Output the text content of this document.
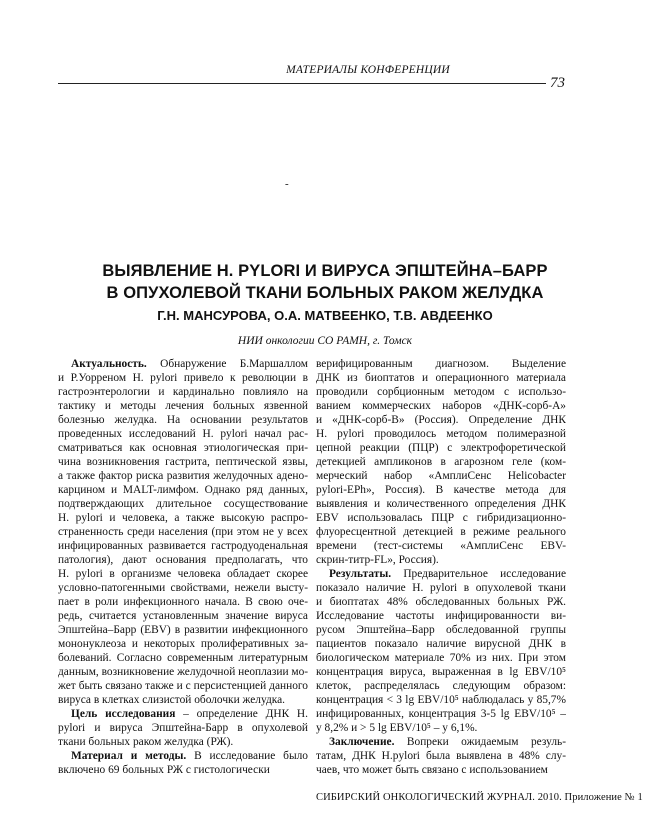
МАТЕРИАЛЫ КОНФЕРЕНЦИИ
73
-
ВЫЯВЛЕНИЕ H. PYLORI И ВИРУСА ЭПШТЕЙНА–БАРР
В ОПУХОЛЕВОЙ ТКАНИ БОЛЬНЫХ РАКОМ ЖЕЛУДКА
Г.Н. МАНСУРОВА, О.А. МАТВЕЕНКО, Т.В. АВДЕЕНКО
НИИ онкологии СО РАМН, г. Томск
Актуальность. Обнаружение Б.Маршаллом
и Р.Уорреном H. pylori привело к революции в
гастроэнтерологии и кардинально повлияло на
тактику и методы лечения больных язвенной
болезнью желудка. На основании результатов
проведенных исследований H. pylori начал рас-
сматриваться как основная этиологическая при-
чина возникновения гастрита, пептической язвы,
а также фактор риска развития желудочных адено-
карцином и MALT-лимфом. Однако ряд данных,
подтверждающих длительное сосуществование
H. pylori и человека, а также высокую распро-
страненность среди населения (при этом не у всех
инфицированных развивается гастродуоденальная
патология), дают основания предполагать, что
H. pylori в организме человека обладает скорее
условно-патогенными свойствами, нежели высту-
пает в роли инфекционного начала. В свою оче-
редь, считается установленным значение вируса
Эпштейна–Барр (EBV) в развитии инфекционного
мононуклеоза и некоторых пролиферативных за-
болеваний. Согласно современным литературным
данным, возникновение желудочной неоплазии мо-
жет быть связано также и с персистенцией данного
вируса в клетках слизистой оболочки желудка.
Цель исследования – определение ДНК H.
pylori и вируса Эпштейна-Барр в опухолевой
ткани больных раком желудка (РЖ).
Материал и методы. В исследование было
включено 69 больных РЖ с гистологически
верифицированным диагнозом. Выделение
ДНК из биоптатов и операционного материала
проводили сорбционным методом с использо-
ванием коммерческих наборов «ДНК-сорб-А»
и «ДНК-сорб-В» (Россия). Определение ДНК
H. pylori проводилось методом полимеразной
цепной реакции (ПЦР) с электрофоретической
детекцией ампликонов в агарозном геле (ком-
мерческий набор «АмплиСенс Helicobacter
pylori-EPh», Россия). В качестве метода для
выявления и количественного определения ДНК
EBV использовалась ПЦР с гибридизационно-
флуоресцентной детекцией в режиме реального
времени (тест-системы «АмплиСенс EBV-
скрин-титр-FL», Россия).
Результаты. Предварительное исследование
показало наличие H. pylori в опухолевой ткани
и биоптатах 48% обследованных больных РЖ.
Исследование частоты инфицированности ви-
русом Эпштейна–Барр обследованной группы
пациентов показало наличие вирусной ДНК в
биологическом материале 70% из них. При этом
концентрация вируса, выраженная в lg EBV/10⁵
клеток, распределялась следующим образом:
концентрация < 3 lg EBV/10⁵ наблюдалась у 85,7%
инфицированных, концентрация 3-5 lg EBV/10⁵ –
у 8,2% и > 5 lg EBV/10⁵ – у 6,1%.
Заключение. Вопреки ожидаемым резуль-
татам, ДНК H.pylori была выявлена в 48% слу-
чаев, что может быть связано с использованием
СИБИРСКИЙ ОНКОЛОГИЧЕСКИЙ ЖУРНАЛ. 2010. Приложение № 1
